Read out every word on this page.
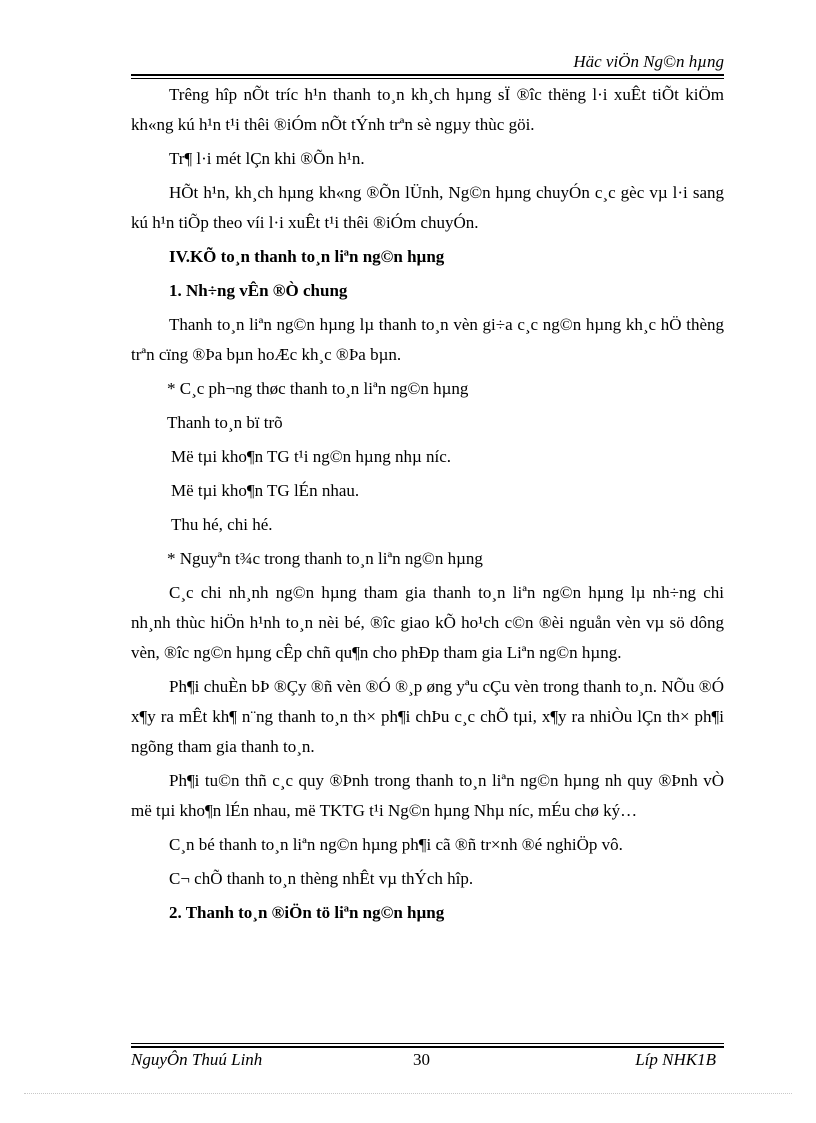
Häc viÖn Ng©n hµng

Trêng hîp nÕt tríc h¹n thanh to¸n kh¸ch hµng sÏ ®îc thëng l·i xuÊt tiÕt kiÖm kh«ng kú h¹n t¹i thêi ®iÓm nÕt tÝnh trªn sè ngµy thùc göi.

Tr¶ l·i mét lÇn khi ®Õn h¹n.

HÕt h¹n, kh¸ch hµng kh«ng ®Õn lÜnh, Ng©n hµng chuyÓn c¸c gèc vµ l·i sang kú h¹n tiÕp theo víi l·i xuÊt t¹i thêi ®iÓm chuyÓn.

IV.KÕ to¸n thanh to¸n liªn ng©n hµng

1. Nh÷ng vÊn ®Ò chung

Thanh to¸n liªn ng©n hµng lµ thanh to¸n vèn gi÷a c¸c ng©n hµng kh¸c hÖ thèng trªn cïng ®Þa bµn hoÆc kh¸c ®Þa bµn.

* C¸c ph¬ng thøc thanh to¸n liªn ng©n hµng

Thanh to¸n bï trõ

Më tµi kho¶n TG t¹i ng©n hµng nhµ níc.

Më tµi kho¶n TG lÉn nhau.

Thu hé, chi hé.

* Nguyªn t¾c trong thanh to¸n liªn ng©n hµng

C¸c chi nh¸nh ng©n hµng tham gia thanh to¸n liªn ng©n hµng lµ nh÷ng chi nh¸nh thùc hiÖn h¹nh to¸n nèi bé, ®îc giao kÕ ho¹ch c©n ®èi nguån vèn vµ sö dông vèn, ®îc ng©n hµng cÊp chñ qu¶n cho phÐp tham gia Liªn ng©n hµng.

Ph¶i chuÈn bÞ ®Çy ®ñ vèn ®Ó ®¸p øng yªu cÇu vèn trong thanh to¸n. NÕu ®Ó x¶y ra mÊt kh¶ n¨ng thanh to¸n th× ph¶i chÞu c¸c chÕ tµi, x¶y ra nhiÒu lÇn th× ph¶i ngõng tham gia thanh to¸n.

Ph¶i tu©n thñ c¸c quy ®Þnh trong thanh to¸n liªn ng©n hµng nh quy ®Þnh vÒ më tµi kho¶n lÉn nhau, më TKTG t¹i Ng©n hµng Nhµ níc, mÉu chø ký…

C¸n bé thanh to¸n liªn ng©n hµng ph¶i cã ®ñ tr×nh ®é nghiÖp vô.

C¬ chÕ thanh to¸n thèng nhÊt vµ thÝch hîp.

2. Thanh to¸n ®iÖn tö liªn ng©n hµng

NguyÔn Thuú Linh	30	Líp NHK1B
